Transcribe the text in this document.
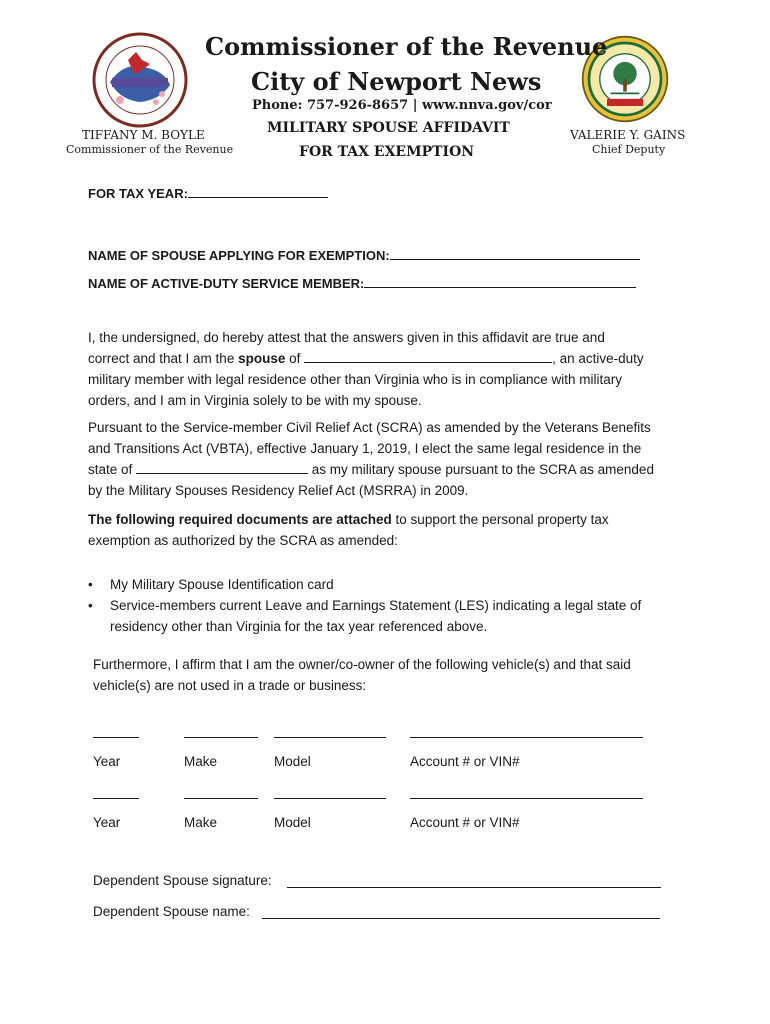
Commissioner of the Revenue
City of Newport News
Phone: 757-926-8657 | www.nnva.gov/cor
MILITARY SPOUSE AFFIDAVIT
FOR TAX EXEMPTION
TIFFANY M. BOYLE
Commissioner of the Revenue
VALERIE Y. GAINS
Chief Deputy
FOR TAX YEAR:
NAME OF SPOUSE APPLYING FOR EXEMPTION:
NAME OF ACTIVE-DUTY SERVICE MEMBER:
I, the undersigned, do hereby attest that the answers given in this affidavit are true and
correct and that I am the spouse of	, an active-duty
military member with legal residence other than Virginia who is in compliance with military
orders, and I am in Virginia solely to be with my spouse.
Pursuant to the Service-member Civil Relief Act (SCRA) as amended by the Veterans Benefits
and Transitions Act (VBTA), effective January 1, 2019, I elect the same legal residence in the
state of	as my military spouse pursuant to the SCRA as amended
by the Military Spouses Residency Relief Act (MSRRA) in 2009.
The following required documents are attached to support the personal property tax
exemption as authorized by the SCRA as amended:
• My Military Spouse Identification card
• Service-members current Leave and Earnings Statement (LES) indicating a legal state of
residency other than Virginia for the tax year referenced above.
Furthermore, I affirm that I am the owner/co-owner of the following vehicle(s) and that said
vehicle(s) are not used in a trade or business:
Year	Make	Model	Account # or VIN#
Year	Make	Model	Account # or VIN#
Dependent Spouse signature:
Dependent Spouse name:
